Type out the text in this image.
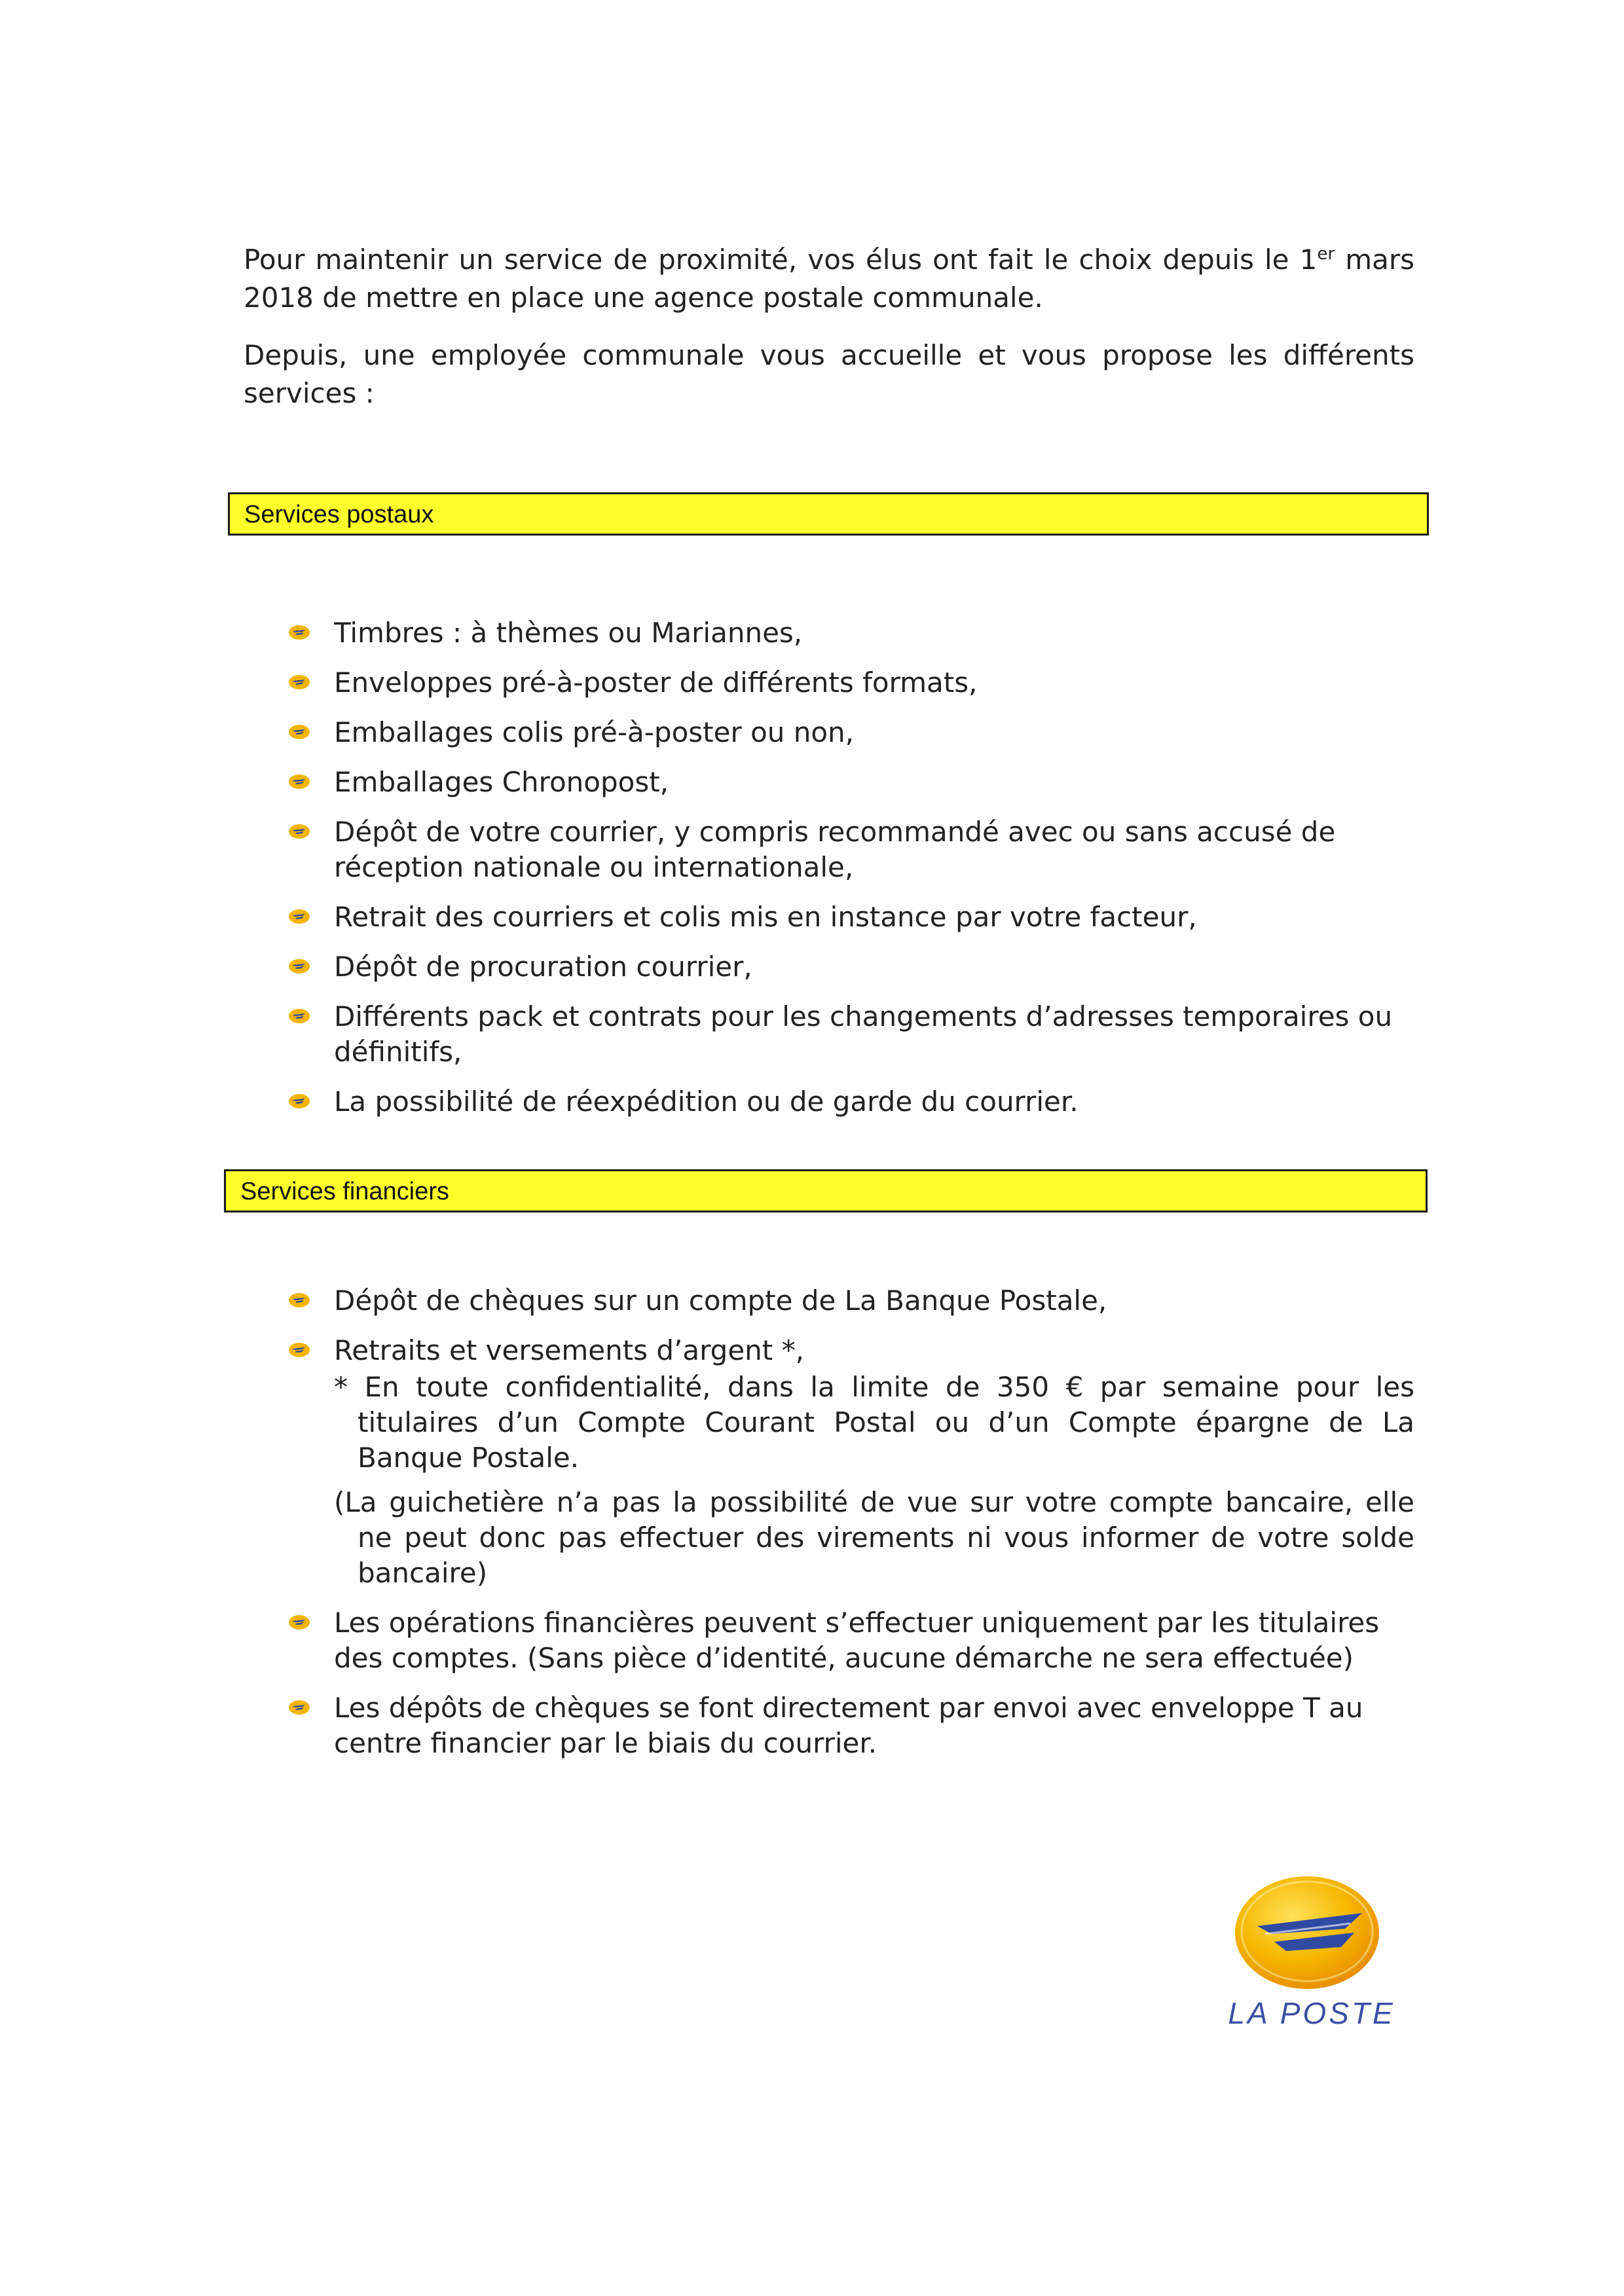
Pour maintenir un service de proximité, vos élus ont fait le choix depuis le 1er mars 2018 de mettre en place une agence postale communale.

Depuis, une employée communale vous accueille et vous propose les différents services :

Services postaux
Timbres : à thèmes ou Mariannes,
Enveloppes pré-à-poster de différents formats,
Emballages colis pré-à-poster ou non,
Emballages Chronopost,
Dépôt de votre courrier, y compris recommandé avec ou sans accusé de réception nationale ou internationale,
Retrait des courriers et colis mis en instance par votre facteur,
Dépôt de procuration courrier,
Différents pack et contrats pour les changements d’adresses temporaires ou définitifs,
La possibilité de réexpédition ou de garde du courrier.
Services financiers
Dépôt de chèques sur un compte de La Banque Postale,
Retraits et versements d’argent *,
* En toute confidentialité, dans la limite de 350 € par semaine pour les titulaires d’un Compte Courant Postal ou d’un Compte épargne de La Banque Postale.
(La guichetière n’a pas la possibilité de vue sur votre compte bancaire, elle ne peut donc pas effectuer des virements ni vous informer de votre solde bancaire)
Les opérations financières peuvent s’effectuer uniquement par les titulaires des comptes. (Sans pièce d’identité, aucune démarche ne sera effectuée)
Les dépôts de chèques se font directement par envoi avec enveloppe T au centre financier par le biais du courrier.
LA POSTE
